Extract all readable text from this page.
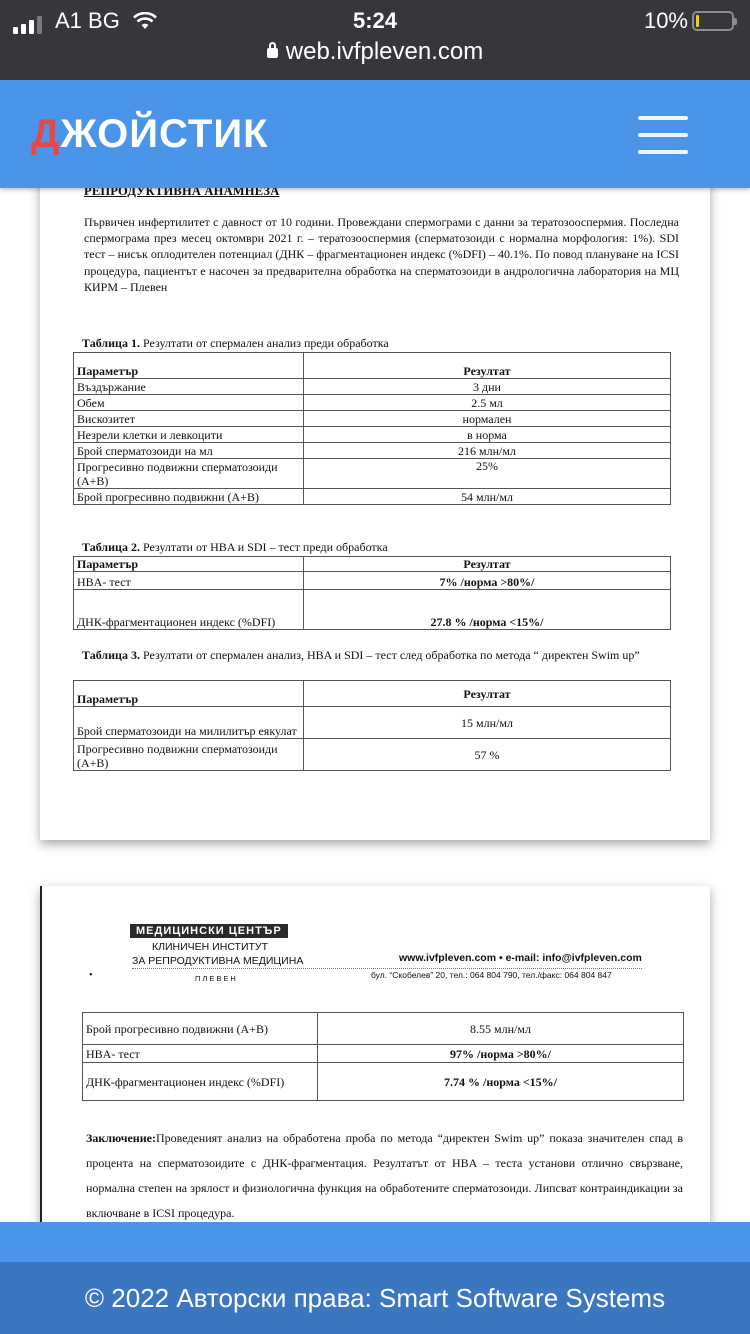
A1 BG	5:24	10%
web.ivfpleven.com
ДЖОЙСТИК
РЕПРОДУКТИВНА АНАМНЕЗА
Първичен инфертилитет с давност от 10 години. Провеждани спермограми с данни за тератозооспермия. Последна спермограма през месец октомври 2021 г. – тератозооспермия (сперматозоиди с нормална морфология: 1%). SDI тест – нисък оплодителен потенциал (ДНК – фрагментационен индекс (%DFI) – 40.1%. По повод плануване на ICSI процедура, пациентът е насочен за предварителна обработка на сперматозоиди в андрологична лаборатория на МЦ КИРМ – Плевен
Таблица 1. Резултати от спермален анализ преди обработка
Параметър	Резултат
Въздържание	3 дни
Обем	2.5 мл
Вискозитет	нормален
Незрели клетки и левкоцити	в норма
Брой сперматозоиди на мл	216 млн/мл
Прогресивно подвижни сперматозоиди (А+В)	25%
Брой прогресивно подвижни (А+В)	54 млн/мл
Таблица 2. Резултати от HBA и SDI – тест преди обработка
Параметър	Резултат
HBA- тест	7% /норма >80%/
ДНК-фрагментационен индекс (%DFI)	27.8 % /норма <15%/
Таблица 3. Резултати от спермален анализ, HBA и SDI – тест след обработка по метода “ директен Swim up”
Параметър	Резултат
Брой сперматозоиди на милилитър еякулат	15 млн/мл
Прогресивно подвижни сперматозоиди (А+В)	57 %
МЕДИЦИНСКИ ЦЕНТЪР
КЛИНИЧЕН ИНСТИТУТ
ЗА РЕПРОДУКТИВНА МЕДИЦИНА	www.ivfpleven.com • e-mail: info@ivfpleven.com
ПЛЕВЕН	бул. “Скобелев” 20, тел.: 064 804 790, тел./факс: 064 804 847
•
Брой прогресивно подвижни (А+В)	8.55 млн/мл
HBA- тест	97% /норма >80%/
ДНК-фрагментационен индекс (%DFI)	7.74 % /норма <15%/
Заключение:Проведеният анализ на обработена проба по метода “директен Swim up” показа значителен спад в процента на сперматозоидите с ДНК-фрагментация. Резултатът от HBA – теста установи отлично свързване, нормална степен на зрялост и физиологична функция на обработените сперматозоиди. Липсват контраиндикации за включване в ICSI процедура.
© 2022 Авторски права: Smart Software Systems
